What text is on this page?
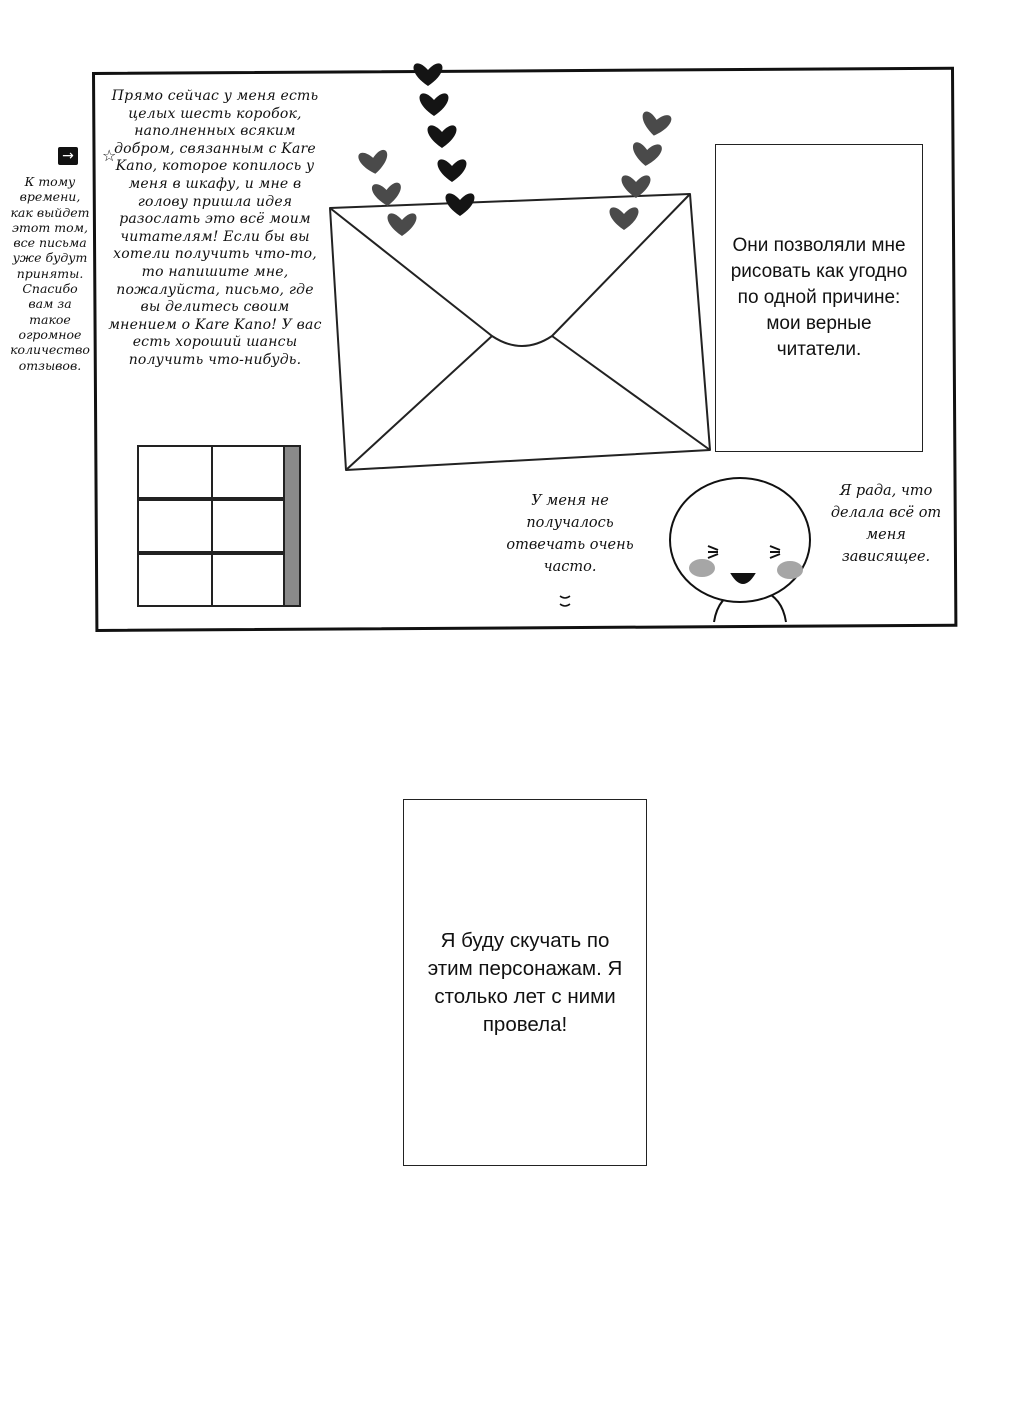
→
К тому времени, как выйдет этот том, все письма уже будут приняты. Спасибо вам за такое огромное количество отзывов.
☆
Прямо сейчас у меня есть целых шесть коробок, наполненных всяким добром, связанным с Kare Kano, которое копилось у меня в шкафу, и мне в голову пришла идея разослать это всё моим читателям! Если бы вы хотели получить что-то, то напишите мне, пожалуйста, письмо, где вы делитесь своим мнением о Kare Kano! У вас есть хороший шансы получить что-нибудь.
Они позволяли мне рисовать как угодно по одной причине: мои верные читатели.
У меня не получалось отвечать очень часто.
Я рада, что делала всё от меня зависящее.
Я буду скучать по этим персонажам. Я столько лет с ними провела!
